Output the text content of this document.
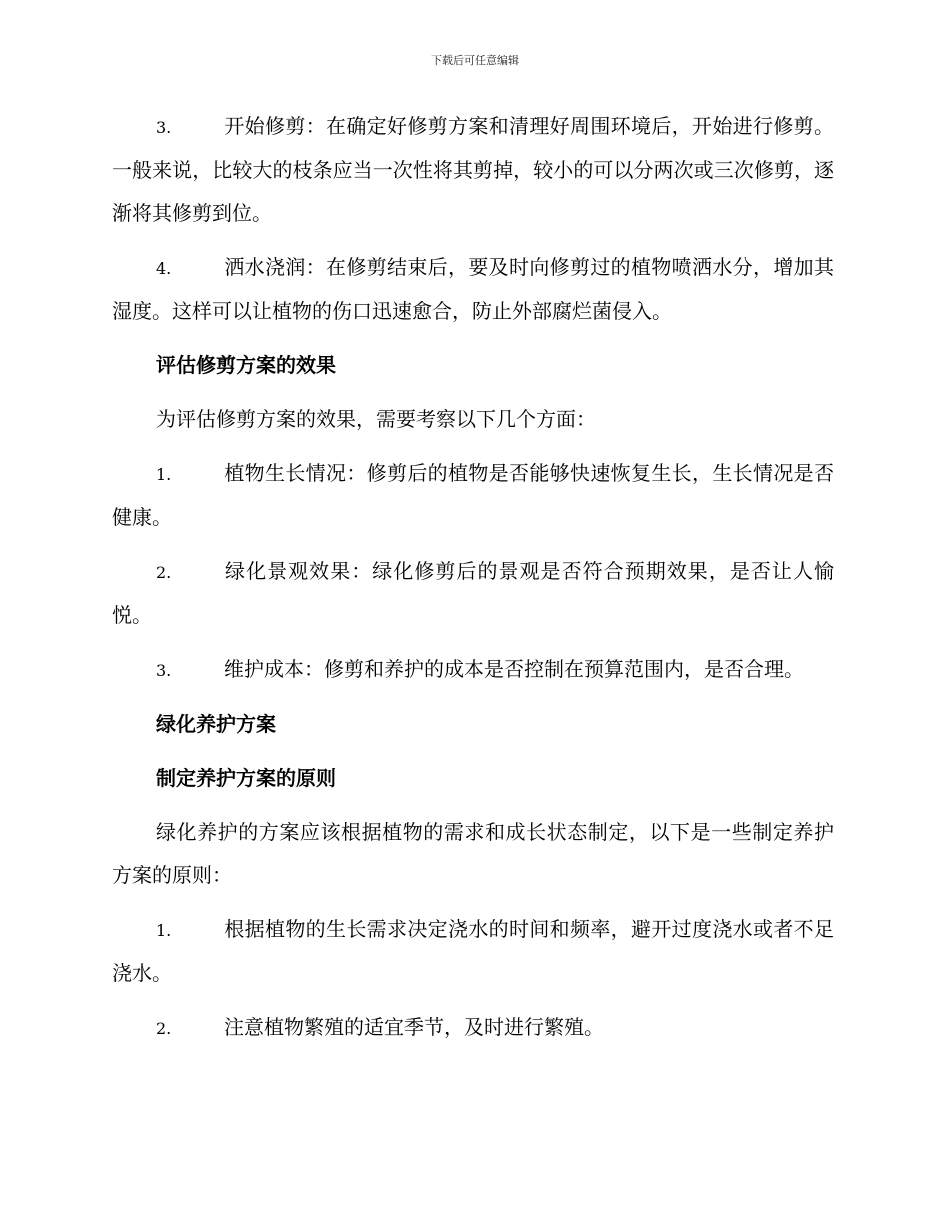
下载后可任意编辑

3.	开始修剪：在确定好修剪方案和清理好周围环境后，开始进行修剪。一般来说，比较大的枝条应当一次性将其剪掉，较小的可以分两次或三次修剪，逐渐将其修剪到位。

4.	洒水浇润：在修剪结束后，要及时向修剪过的植物喷洒水分，增加其湿度。这样可以让植物的伤口迅速愈合，防止外部腐烂菌侵入。

评估修剪方案的效果

为评估修剪方案的效果，需要考察以下几个方面：

1.	植物生长情况：修剪后的植物是否能够快速恢复生长，生长情况是否健康。

2.	绿化景观效果：绿化修剪后的景观是否符合预期效果，是否让人愉悦。

3.	维护成本：修剪和养护的成本是否控制在预算范围内，是否合理。

绿化养护方案
制定养护方案的原则

绿化养护的方案应该根据植物的需求和成长状态制定，以下是一些制定养护方案的原则：

1.	根据植物的生长需求决定浇水的时间和频率，避开过度浇水或者不足浇水。

2.	注意植物繁殖的适宜季节，及时进行繁殖。
